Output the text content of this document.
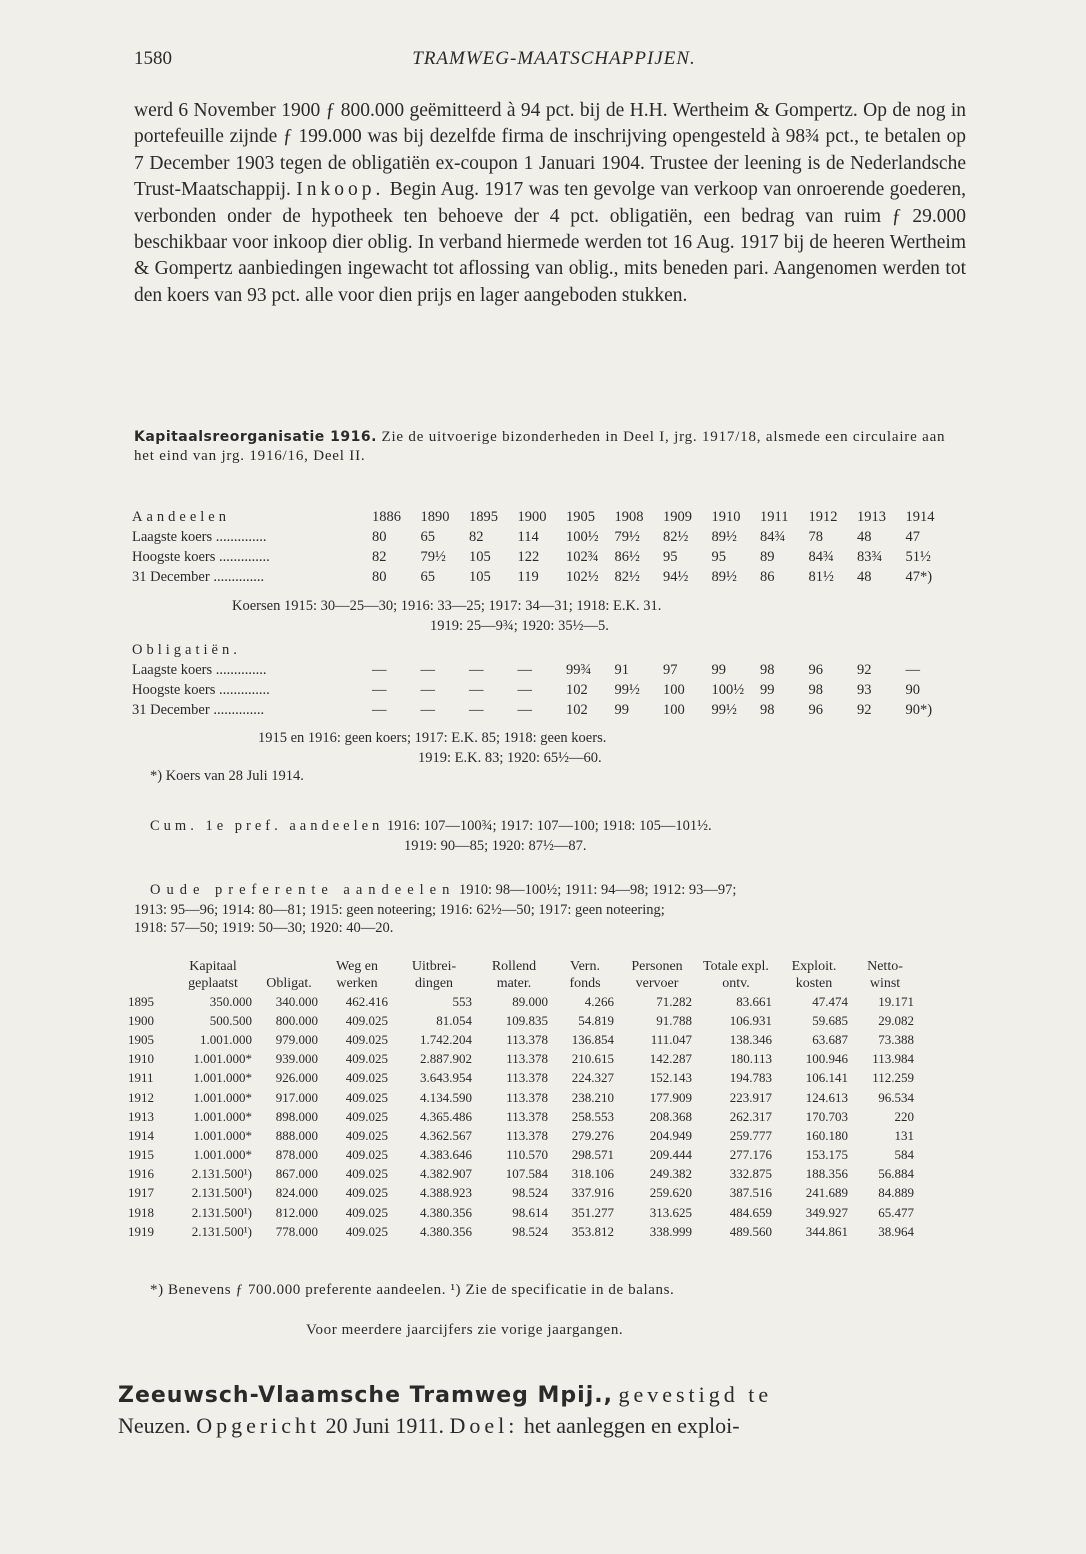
1580	TRAMWEG-MAATSCHAPPIJEN.

werd 6 November 1900 ƒ 800.000 geëmitteerd à 94 pct. bij de H.H. Wertheim & Gompertz. Op de nog in portefeuille zijnde ƒ 199.000 was bij dezelfde firma de inschrijving opengesteld à 98¾ pct., te betalen op 7 December 1903 tegen de obligatiën ex-coupon 1 Januari 1904. Trustee der leening is de Nederlandsche Trust-Maatschappij. Inkoop. Begin Aug. 1917 was ten gevolge van verkoop van onroerende goederen, verbonden onder de hypotheek ten behoeve der 4 pct. obligatiën, een bedrag van ruim ƒ 29.000 beschikbaar voor inkoop dier oblig. In verband hiermede werden tot 16 Aug. 1917 bij de heeren Wertheim & Gompertz aanbiedingen ingewacht tot aflossing van oblig., mits beneden pari. Aangenomen werden tot den koers van 93 pct. alle voor dien prijs en lager aangeboden stukken.

Kapitaalsreorganisatie 1916. Zie de uitvoerige bizonderheden in Deel I, jrg. 1917/18, alsmede een circulaire aan het eind van jrg. 1916/16, Deel II.
Aandeelen	1886	1890	1895	1900	1905	1908	1909	1910	1911	1912	1913	1914
Laagste koers ..............	80	65	82	114	100½	79½	82½	89½	84¾	78	48	47
Hoogste koers ..............	82	79½	105	122	102¾	86½	95	95	89	84¾	83¾	51½
31 December ..............	80	65	105	119	102½	82½	94½	89½	86	81½	48	47*)
Koersen 1915: 30—25—30; 1916: 33—25; 1917: 34—31; 1918: E.K. 31.
1919: 25—9¾; 1920: 35½—5.
Obligatiën.												
Laagste koers ..............	—	—	—	—	99¾	91	97	99	98	96	92	—
Hoogste koers ..............	—	—	—	—	102	99½	100	100½	99	98	93	90
31 December ..............	—	—	—	—	102	99	100	99½	98	96	92	90*)
1915 en 1916: geen koers; 1917: E.K. 85; 1918: geen koers.
1919: E.K. 83; 1920: 65½—60.
*) Koers van 28 Juli 1914.
Cum. 1e pref. aandeelen 1916: 107—100¾; 1917: 107—100; 1918: 105—101½.
1919: 90—85; 1920: 87½—87.
Oude preferente aandeelen 1910: 98—100½; 1911: 94—98; 1912: 93—97;
1913: 95—96; 1914: 80—81; 1915: geen noteering; 1916: 62½—50; 1917: geen noteering;
1918: 57—50; 1919: 50—30; 1920: 40—20.
	Kapitaal geplaatst	Obligat.	Weg en werken	Uitbrei- dingen	Rollend mater.	Vern. fonds	Personen vervoer	Totale expl. ontv.	Exploit. kosten	Netto- winst
1895	350.000	340.000	462.416	553	89.000	4.266	71.282	83.661	47.474	19.171
1900	500.500	800.000	409.025	81.054	109.835	54.819	91.788	106.931	59.685	29.082
1905	1.001.000	979.000	409.025	1.742.204	113.378	136.854	111.047	138.346	63.687	73.388
1910	1.001.000*	939.000	409.025	2.887.902	113.378	210.615	142.287	180.113	100.946	113.984
1911	1.001.000*	926.000	409.025	3.643.954	113.378	224.327	152.143	194.783	106.141	112.259
1912	1.001.000*	917.000	409.025	4.134.590	113.378	238.210	177.909	223.917	124.613	96.534
1913	1.001.000*	898.000	409.025	4.365.486	113.378	258.553	208.368	262.317	170.703	220
1914	1.001.000*	888.000	409.025	4.362.567	113.378	279.276	204.949	259.777	160.180	131
1915	1.001.000*	878.000	409.025	4.383.646	110.570	298.571	209.444	277.176	153.175	584
1916	2.131.500¹)	867.000	409.025	4.382.907	107.584	318.106	249.382	332.875	188.356	56.884
1917	2.131.500¹)	824.000	409.025	4.388.923	98.524	337.916	259.620	387.516	241.689	84.889
1918	2.131.500¹)	812.000	409.025	4.380.356	98.614	351.277	313.625	484.659	349.927	65.477
1919	2.131.500¹)	778.000	409.025	4.380.356	98.524	353.812	338.999	489.560	344.861	38.964
*) Benevens ƒ 700.000 preferente aandeelen. ¹) Zie de specificatie in de balans.
Voor meerdere jaarcijfers zie vorige jaargangen.
Zeeuwsch-Vlaamsche Tramweg Mpij., gevestigd te
Neuzen. Opgericht 20 Juni 1911. Doel: het aanleggen en exploi-
